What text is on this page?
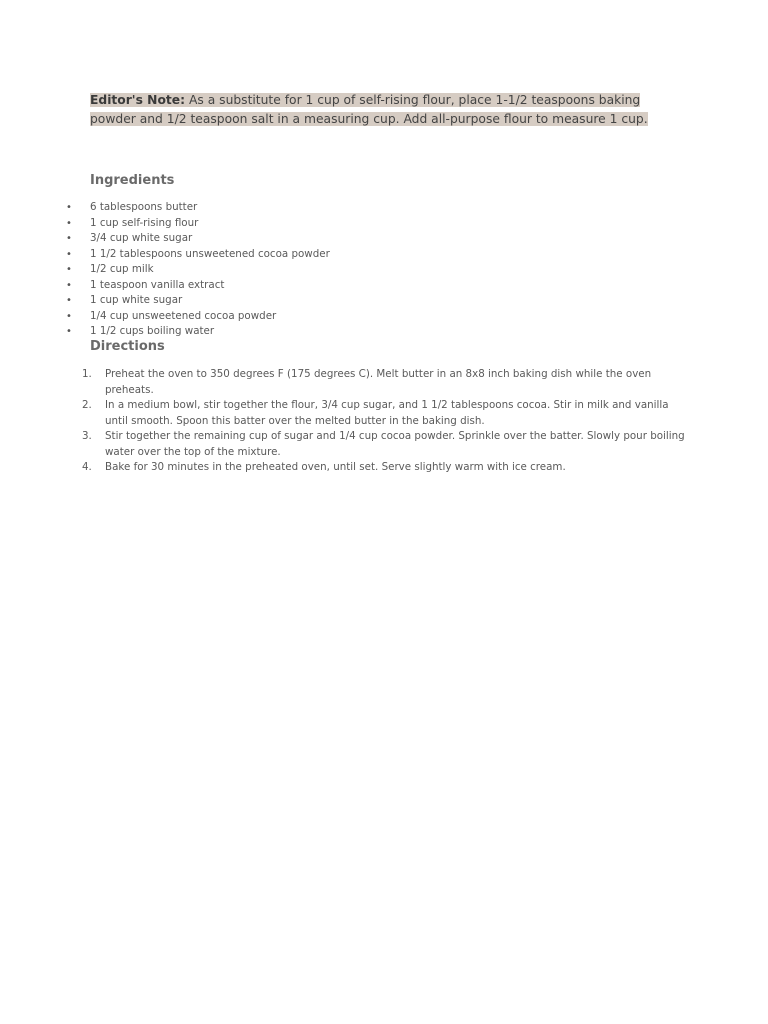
Editor's Note: As a substitute for 1 cup of self-rising flour, place 1-1/2 teaspoons baking powder and 1/2 teaspoon salt in a measuring cup. Add all-purpose flour to measure 1 cup.

Ingredients
• 6 tablespoons butter
• 1 cup self-rising flour
• 3/4 cup white sugar
• 1 1/2 tablespoons unsweetened cocoa powder
• 1/2 cup milk
• 1 teaspoon vanilla extract
• 1 cup white sugar
• 1/4 cup unsweetened cocoa powder
• 1 1/2 cups boiling water
Directions
1.	Preheat the oven to 350 degrees F (175 degrees C). Melt butter in an 8x8 inch baking dish while the oven preheats.
2.	In a medium bowl, stir together the flour, 3/4 cup sugar, and 1 1/2 tablespoons cocoa. Stir in milk and vanilla until smooth. Spoon this batter over the melted butter in the baking dish.
3.	Stir together the remaining cup of sugar and 1/4 cup cocoa powder. Sprinkle over the batter. Slowly pour boiling water over the top of the mixture.
4.	Bake for 30 minutes in the preheated oven, until set. Serve slightly warm with ice cream.
